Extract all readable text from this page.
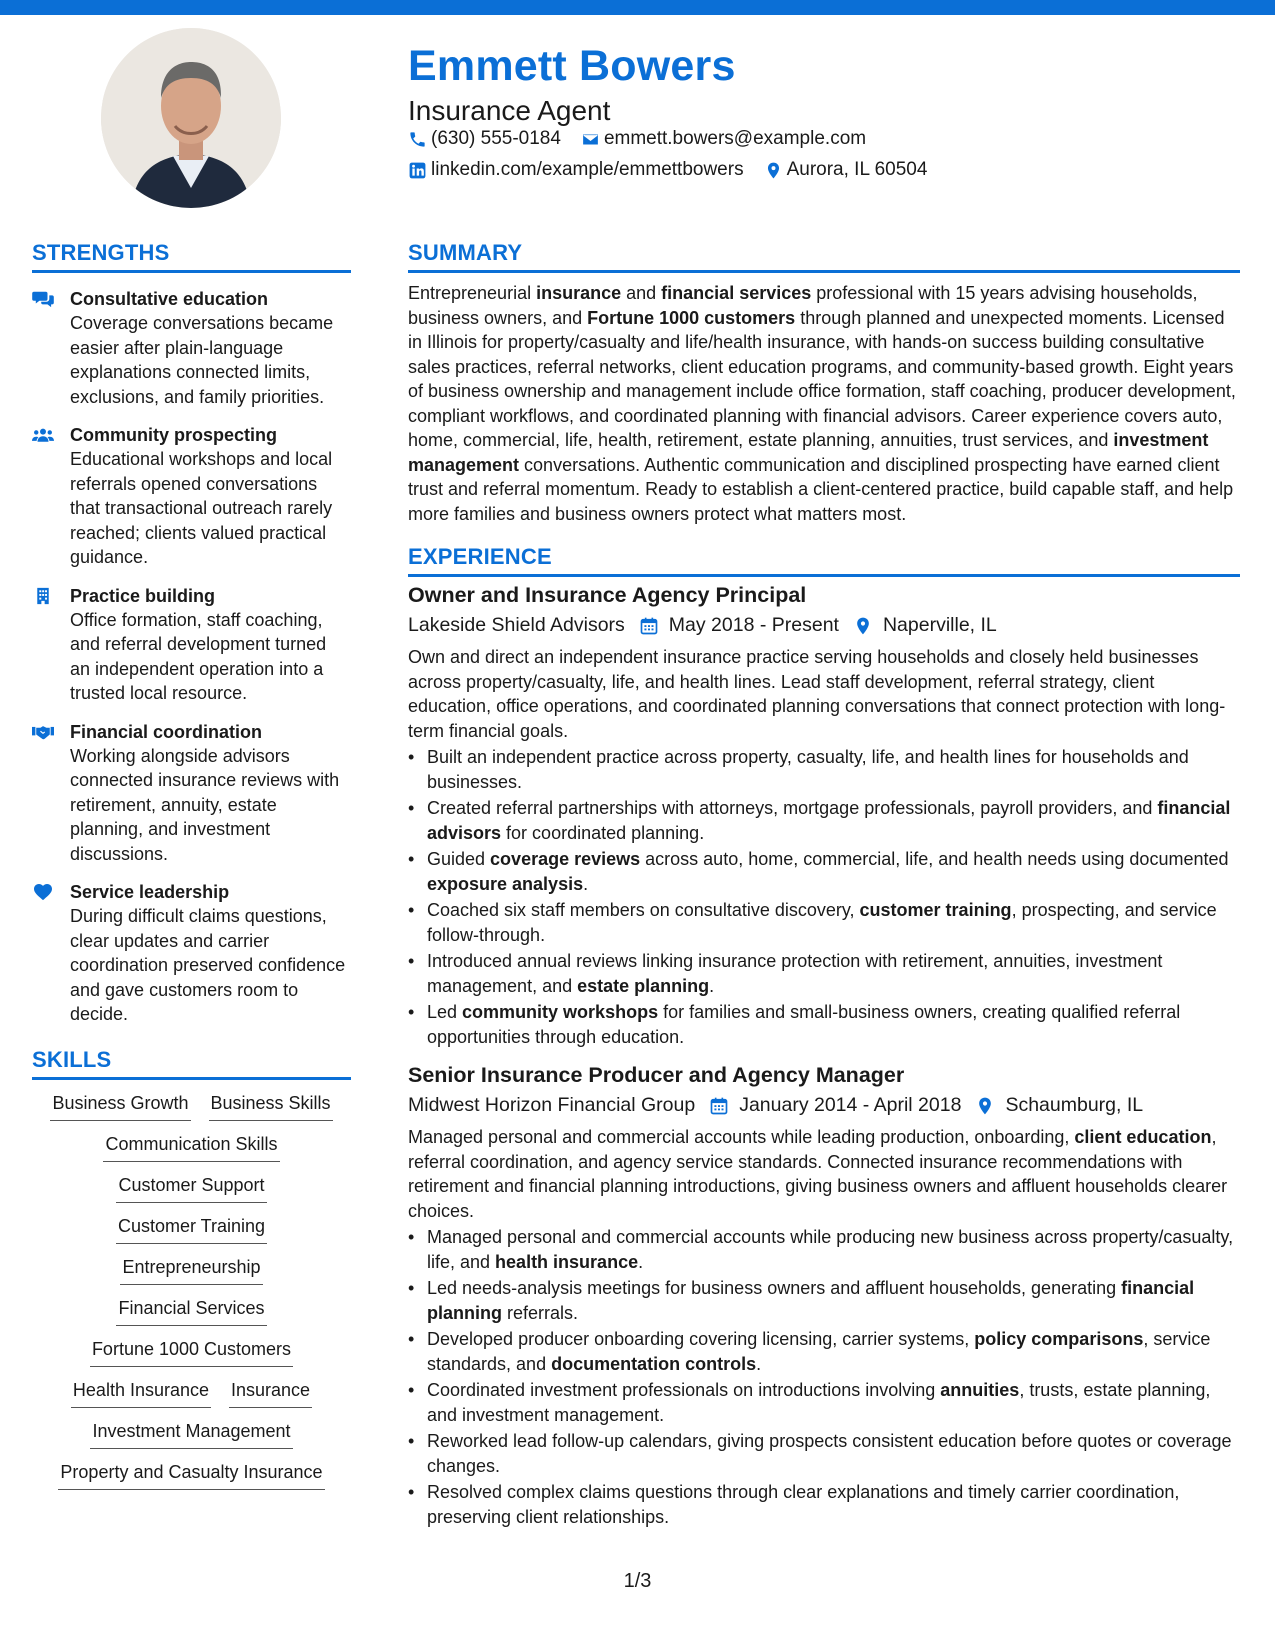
Emmett Bowers
Insurance Agent
(630) 555-0184 emmett.bowers@example.com
linkedin.com/example/emmettbowers Aurora, IL 60504
STRENGTHS
Consultative education
Coverage conversations became easier after plain-language explanations connected limits, exclusions, and family priorities.
Community prospecting
Educational workshops and local referrals opened conversations that transactional outreach rarely reached; clients valued practical guidance.
Practice building
Office formation, staff coaching, and referral development turned an independent operation into a trusted local resource.
Financial coordination
Working alongside advisors connected insurance reviews with retirement, annuity, estate planning, and investment discussions.
Service leadership
During difficult claims questions, clear updates and carrier coordination preserved confidence and gave customers room to decide.
SKILLS
Business Growth Business Skills
Communication Skills
Customer Support
Customer Training
Entrepreneurship
Financial Services
Fortune 1000 Customers
Health Insurance Insurance
Investment Management
Property and Casualty Insurance
SUMMARY
Entrepreneurial insurance and financial services professional with 15 years advising households, business owners, and Fortune 1000 customers through planned and unexpected moments. Licensed in Illinois for property/casualty and life/health insurance, with hands-on success building consultative sales practices, referral networks, client education programs, and community-based growth. Eight years of business ownership and management include office formation, staff coaching, producer development, compliant workflows, and coordinated planning with financial advisors. Career experience covers auto, home, commercial, life, health, retirement, estate planning, annuities, trust services, and investment management conversations. Authentic communication and disciplined prospecting have earned client trust and referral momentum. Ready to establish a client-centered practice, build capable staff, and help more families and business owners protect what matters most.
EXPERIENCE
Owner and Insurance Agency Principal
Lakeside Shield Advisors May 2018 - Present Naperville, IL
Own and direct an independent insurance practice serving households and closely held businesses across property/casualty, life, and health lines. Lead staff development, referral strategy, client education, office operations, and coordinated planning conversations that connect protection with long-term financial goals.
• Built an independent practice across property, casualty, life, and health lines for households and businesses.
• Created referral partnerships with attorneys, mortgage professionals, payroll providers, and financial advisors for coordinated planning.
• Guided coverage reviews across auto, home, commercial, life, and health needs using documented exposure analysis.
• Coached six staff members on consultative discovery, customer training, prospecting, and service follow-through.
• Introduced annual reviews linking insurance protection with retirement, annuities, investment management, and estate planning.
• Led community workshops for families and small-business owners, creating qualified referral opportunities through education.
Senior Insurance Producer and Agency Manager
Midwest Horizon Financial Group January 2014 - April 2018 Schaumburg, IL
Managed personal and commercial accounts while leading production, onboarding, client education, referral coordination, and agency service standards. Connected insurance recommendations with retirement and financial planning introductions, giving business owners and affluent households clearer choices.
• Managed personal and commercial accounts while producing new business across property/casualty, life, and health insurance.
• Led needs-analysis meetings for business owners and affluent households, generating financial planning referrals.
• Developed producer onboarding covering licensing, carrier systems, policy comparisons, service standards, and documentation controls.
• Coordinated investment professionals on introductions involving annuities, trusts, estate planning, and investment management.
• Reworked lead follow-up calendars, giving prospects consistent education before quotes or coverage changes.
• Resolved complex claims questions through clear explanations and timely carrier coordination, preserving client relationships.
1/3
